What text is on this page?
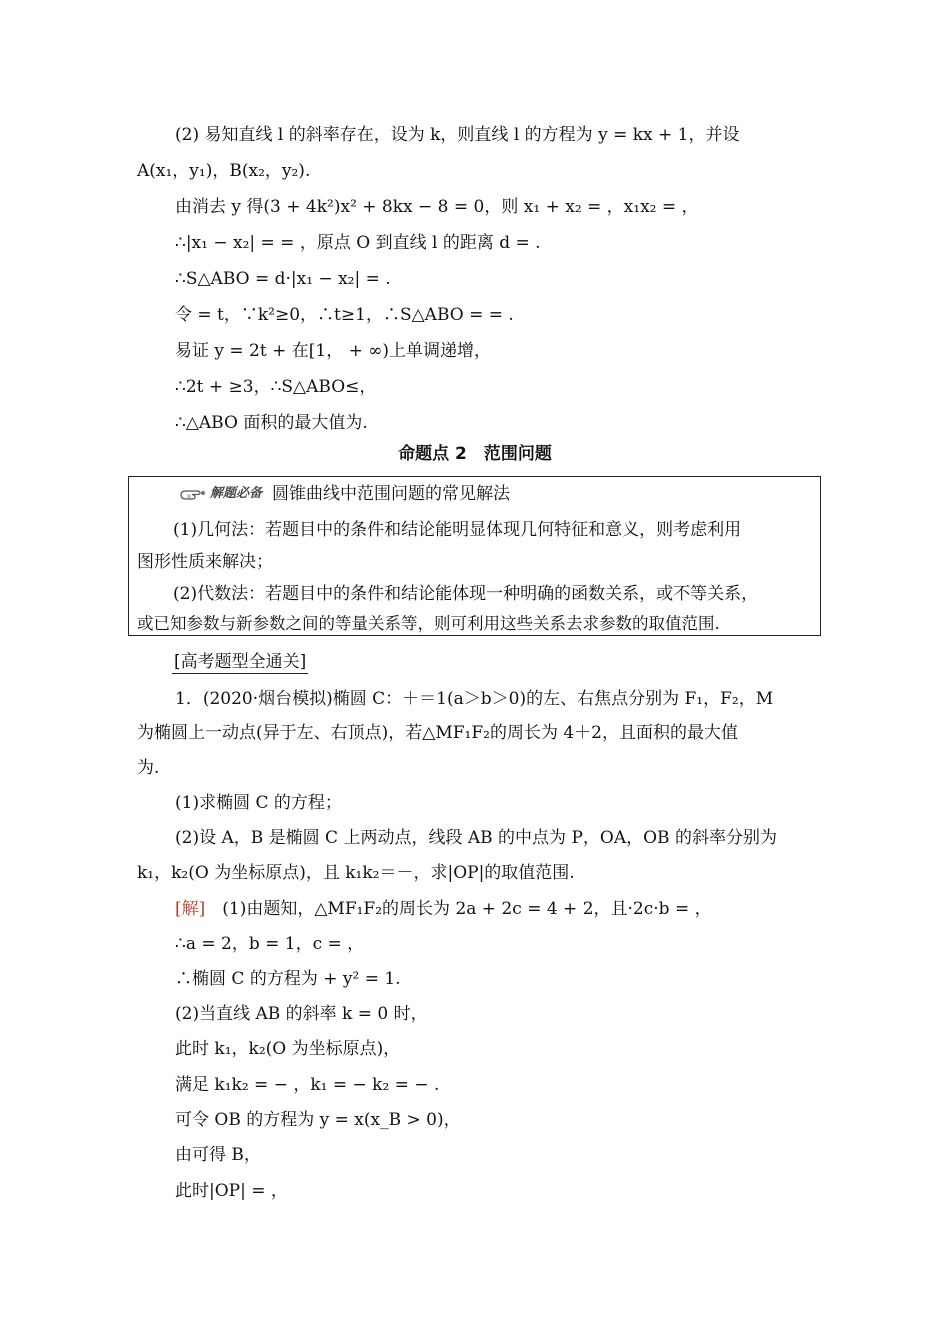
(2) 易知直线 l 的斜率存在，设为 k，则直线 l 的方程为 y = kx + 1，并设
A(x₁，y₁)，B(x₂，y₂).
由消去 y 得(3 + 4k²)x² + 8kx − 8 = 0，则 x₁ + x₂ = ，x₁x₂ = ，
∴|x₁ − x₂| = = ，原点 O 到直线 l 的距离 d = .
∴S△ABO = d·|x₁ − x₂| = .
令 = t，∵k²≥0，∴t≥1，∴S△ABO = = .
易证 y = 2t + 在[1， + ∞)上单调递增，
∴2t + ≥3，∴S△ABO≤，
∴△ABO 面积的最大值为.
命题点 2　范围问题
解题必备 圆锥曲线中范围问题的常见解法
(1)几何法：若题目中的条件和结论能明显体现几何特征和意义，则考虑利用
图形性质来解决；
(2)代数法：若题目中的条件和结论能体现一种明确的函数关系，或不等关系，
或已知参数与新参数之间的等量关系等，则可利用这些关系去求参数的取值范围.
[高考题型全通关]
1．(2020·烟台模拟)椭圆 C：＋＝1(a＞b＞0)的左、右焦点分别为 F₁，F₂，M
为椭圆上一动点(异于左、右顶点)，若△MF₁F₂的周长为 4＋2，且面积的最大值
为.
(1)求椭圆 C 的方程；
(2)设 A，B 是椭圆 C 上两动点，线段 AB 的中点为 P，OA，OB 的斜率分别为
k₁，k₂(O 为坐标原点)，且 k₁k₂＝－，求|OP|的取值范围.
[解]　(1)由题知，△MF₁F₂的周长为 2a + 2c = 4 + 2，且·2c·b = ，
∴a = 2，b = 1，c = ，
∴椭圆 C 的方程为 + y² = 1.
(2)当直线 AB 的斜率 k = 0 时，
此时 k₁，k₂(O 为坐标原点)，
满足 k₁k₂ = − ，k₁ = − k₂ = − .
可令 OB 的方程为 y = x(x_B > 0)，
由可得 B，
此时|OP| = ，
